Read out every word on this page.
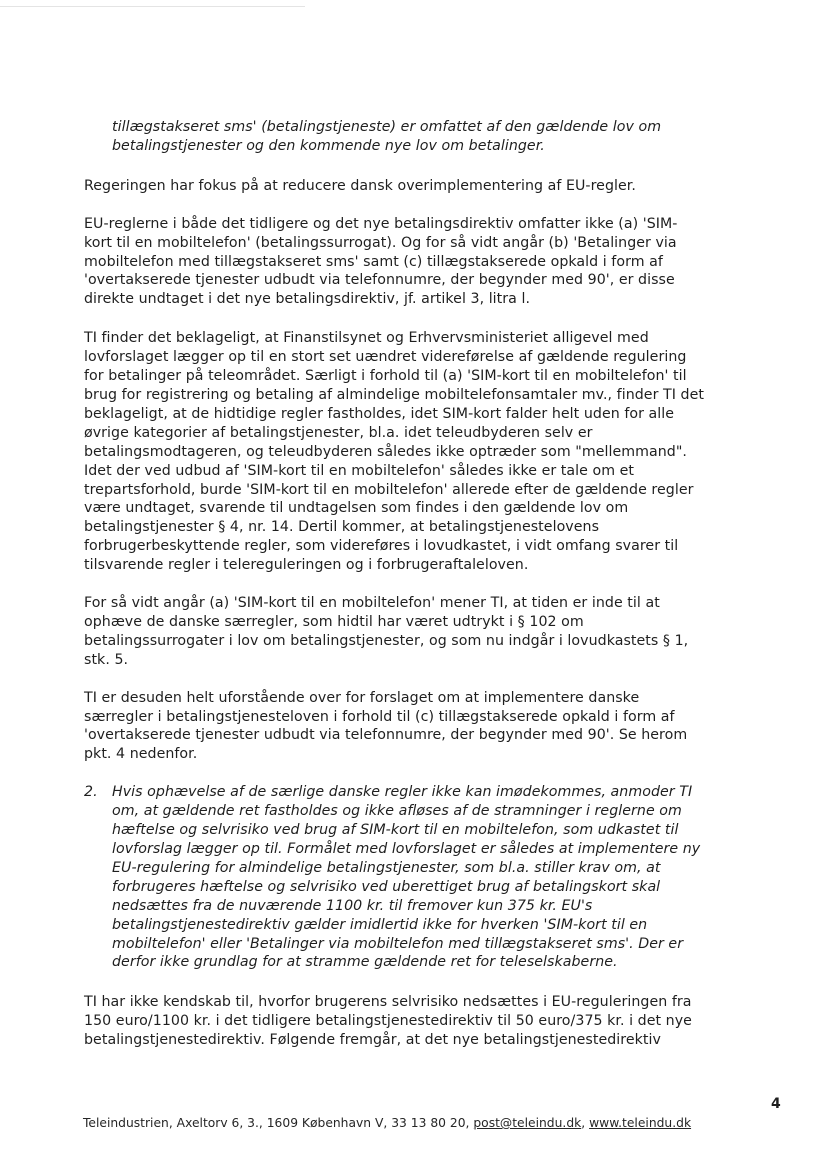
tillægstakseret sms' (betalingstjeneste) er omfattet af den gældende lov om
betalingstjenester og den kommende nye lov om betalinger.
Regeringen har fokus på at reducere dansk overimplementering af EU-regler.
EU-reglerne i både det tidligere og det nye betalingsdirektiv omfatter ikke (a) 'SIM-
kort til en mobiltelefon' (betalingssurrogat). Og for så vidt angår (b) 'Betalinger via
mobiltelefon med tillægstakseret sms' samt (c) tillægstakserede opkald i form af
'overtakserede tjenester udbudt via telefonnumre, der begynder med 90', er disse
direkte undtaget i det nye betalingsdirektiv, jf. artikel 3, litra l.
TI finder det beklageligt, at Finanstilsynet og Erhvervsministeriet alligevel med
lovforslaget lægger op til en stort set uændret videreførelse af gældende regulering
for betalinger på teleområdet. Særligt i forhold til (a) 'SIM-kort til en mobiltelefon' til
brug for registrering og betaling af almindelige mobiltelefonsamtaler mv., finder TI det
beklageligt, at de hidtidige regler fastholdes, idet SIM-kort falder helt uden for alle
øvrige kategorier af betalingstjenester, bl.a. idet teleudbyderen selv er
betalingsmodtageren, og teleudbyderen således ikke optræder som "mellemmand".
Idet der ved udbud af 'SIM-kort til en mobiltelefon' således ikke er tale om et
trepartsforhold, burde 'SIM-kort til en mobiltelefon' allerede efter de gældende regler
være undtaget, svarende til undtagelsen som findes i den gældende lov om
betalingstjenester § 4, nr. 14. Dertil kommer, at betalingstjenestelovens
forbrugerbeskyttende regler, som videreføres i lovudkastet, i vidt omfang svarer til
tilsvarende regler i telereguleringen og i forbrugeraftaleloven.
For så vidt angår (a) 'SIM-kort til en mobiltelefon' mener TI, at tiden er inde til at
ophæve de danske særregler, som hidtil har været udtrykt i § 102 om
betalingssurrogater i lov om betalingstjenester, og som nu indgår i lovudkastets § 1,
stk. 5.
TI er desuden helt uforstående over for forslaget om at implementere danske
særregler i betalingstjenesteloven i forhold til (c) tillægstakserede opkald i form af
'overtakserede tjenester udbudt via telefonnumre, der begynder med 90'. Se herom
pkt. 4 nedenfor.
2. Hvis ophævelse af de særlige danske regler ikke kan imødekommes, anmoder TI
om, at gældende ret fastholdes og ikke afløses af de stramninger i reglerne om
hæftelse og selvrisiko ved brug af SIM-kort til en mobiltelefon, som udkastet til
lovforslag lægger op til. Formålet med lovforslaget er således at implementere ny
EU-regulering for almindelige betalingstjenester, som bl.a. stiller krav om, at
forbrugeres hæftelse og selvrisiko ved uberettiget brug af betalingskort skal
nedsættes fra de nuværende 1100 kr. til fremover kun 375 kr. EU's
betalingstjenestedirektiv gælder imidlertid ikke for hverken 'SIM-kort til en
mobiltelefon' eller 'Betalinger via mobiltelefon med tillægstakseret sms'. Der er
derfor ikke grundlag for at stramme gældende ret for teleselskaberne.
TI har ikke kendskab til, hvorfor brugerens selvrisiko nedsættes i EU-reguleringen fra
150 euro/1100 kr. i det tidligere betalingstjenestedirektiv til 50 euro/375 kr. i det nye
betalingstjenestedirektiv. Følgende fremgår, at det nye betalingstjenestedirektiv
4
Teleindustrien, Axeltorv 6, 3., 1609 København V, 33 13 80 20, post@teleindu.dk, www.teleindu.dk
